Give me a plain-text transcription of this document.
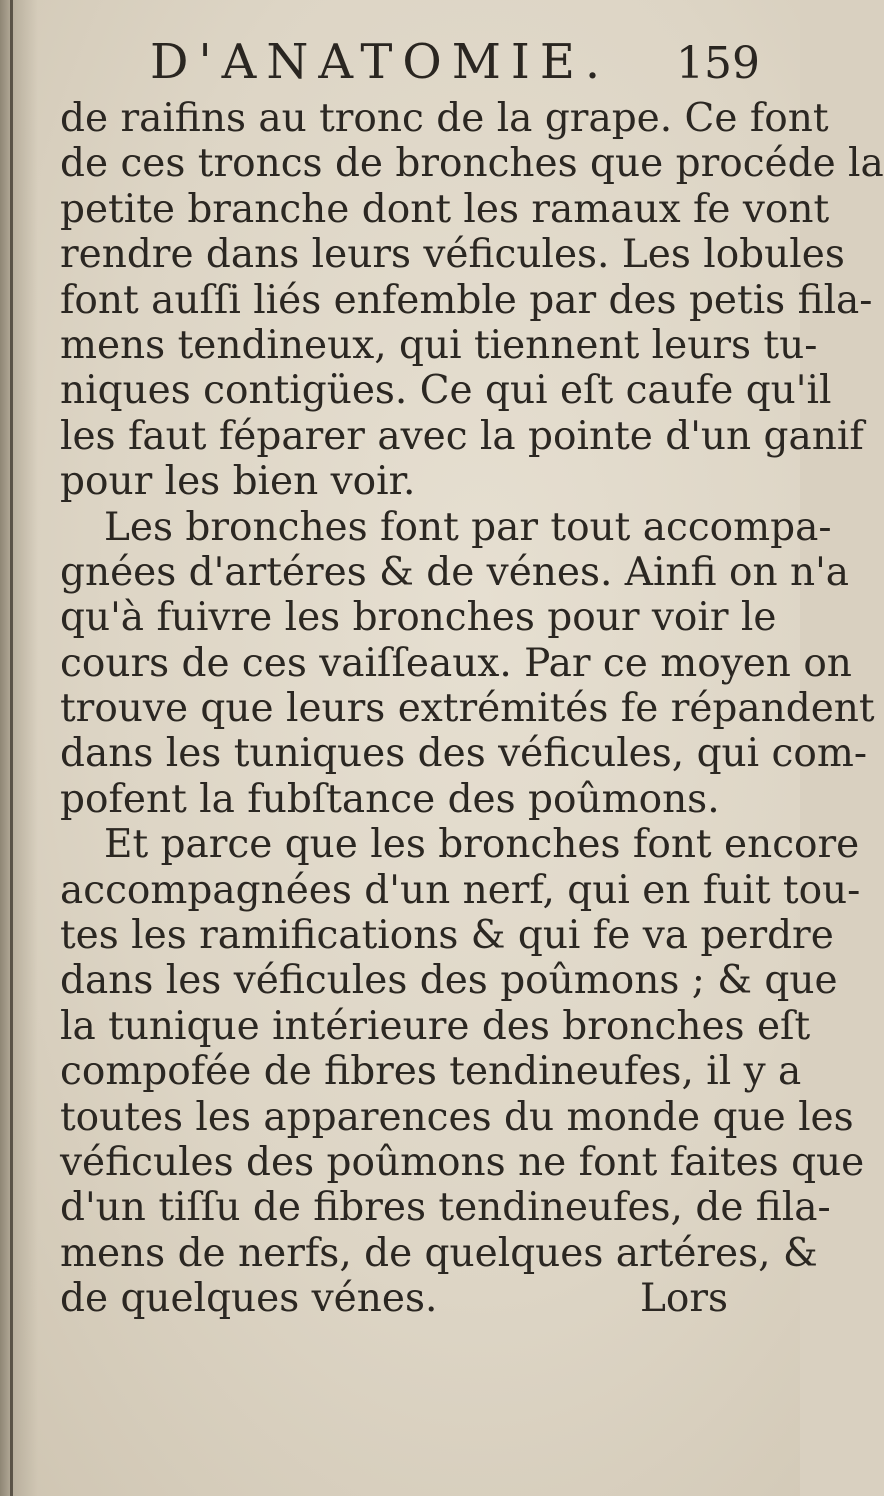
D'ANATOMIE. 159
de raifins au tronc de la grape. Ce font
de ces troncs de bronches que procéde la
petite branche dont les ramaux fe vont
rendre dans leurs véficules. Les lobules
font auſſi liés enfemble par des petis fila-
mens tendineux, qui tiennent leurs tu-
niques contigües. Ce qui eſt caufe qu'il
les faut féparer avec la pointe d'un ganif
pour les bien voir.
Les bronches font par tout accompa-
gnées d'artéres & de vénes. Ainfi on n'a
qu'à fuivre les bronches pour voir le
cours de ces vaiſſeaux. Par ce moyen on
trouve que leurs extrémités fe répandent
dans les tuniques des véficules, qui com-
pofent la fubſtance des poûmons.
Et parce que les bronches font encore
accompagnées d'un nerf, qui en fuit tou-
tes les ramifications & qui fe va perdre
dans les véficules des poûmons ; & que
la tunique intérieure des bronches eſt
compofée de fibres tendineufes, il y a
toutes les apparences du monde que les
véficules des poûmons ne font faites que
d'un tiſſu de fibres tendineufes, de fila-
mens de nerfs, de quelques artéres, &
de quelques vénes.	Lors
